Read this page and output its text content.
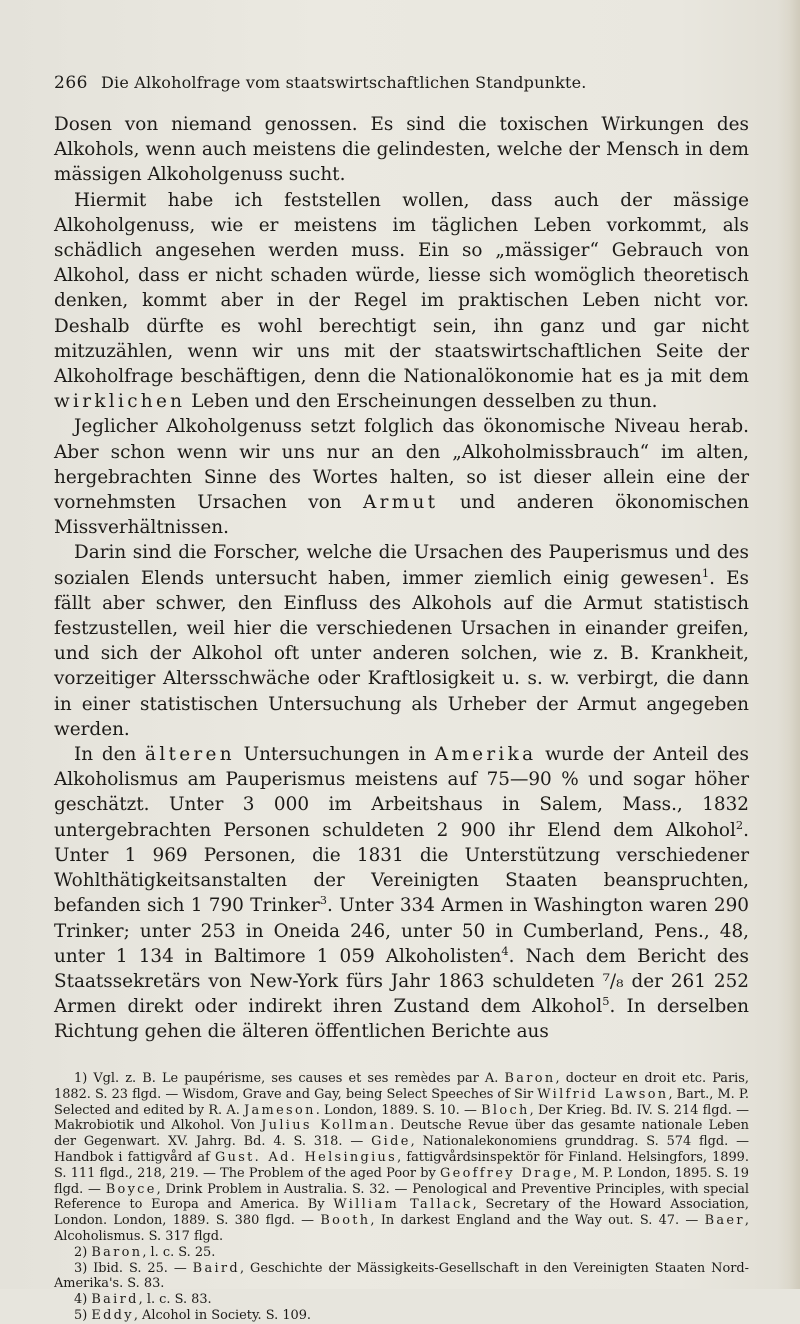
266 Die Alkoholfrage vom staatswirtschaftlichen Standpunkte.

Dosen von niemand genossen. Es sind die toxischen Wirkungen des Alkohols, wenn auch meistens die gelindesten, welche der Mensch in dem mässigen Alkoholgenuss sucht.

Hiermit habe ich feststellen wollen, dass auch der mässige Alkoholgenuss, wie er meistens im täglichen Leben vorkommt, als schädlich angesehen werden muss. Ein so „mässiger“ Gebrauch von Alkohol, dass er nicht schaden würde, liesse sich womöglich theoretisch denken, kommt aber in der Regel im praktischen Leben nicht vor. Deshalb dürfte es wohl berechtigt sein, ihn ganz und gar nicht mitzuzählen, wenn wir uns mit der staatswirtschaftlichen Seite der Alkoholfrage beschäftigen, denn die Nationalökonomie hat es ja mit dem wirklichen Leben und den Erscheinungen desselben zu thun.

Jeglicher Alkoholgenuss setzt folglich das ökonomische Niveau herab. Aber schon wenn wir uns nur an den „Alkoholmissbrauch“ im alten, hergebrachten Sinne des Wortes halten, so ist dieser allein eine der vornehmsten Ursachen von Armut und anderen ökonomischen Missverhältnissen.

Darin sind die Forscher, welche die Ursachen des Pauperismus und des sozialen Elends untersucht haben, immer ziemlich einig gewesen$^1$. Es fällt aber schwer, den Einfluss des Alkohols auf die Armut statistisch festzustellen, weil hier die verschiedenen Ursachen in einander greifen, und sich der Alkohol oft unter anderen solchen, wie z. B. Krankheit, vorzeitiger Altersschwäche oder Kraftlosigkeit u. s. w. verbirgt, die dann in einer statistischen Untersuchung als Urheber der Armut angegeben werden.

In den älteren Untersuchungen in Amerika wurde der Anteil des Alkoholismus am Pauperismus meistens auf 75—90 % und sogar höher geschätzt. Unter 3 000 im Arbeitshaus in Salem, Mass., 1832 untergebrachten Personen schuldeten 2 900 ihr Elend dem Alkohol$^2$. Unter 1 969 Personen, die 1831 die Unterstützung verschiedener Wohlthätigkeitsanstalten der Vereinigten Staaten beanspruchten, befanden sich 1 790 Trinker$^3$. Unter 334 Armen in Washington waren 290 Trinker; unter 253 in Oneida 246, unter 50 in Cumberland, Pens., 48, unter 1 134 in Baltimore 1 059 Alkoholisten$^4$. Nach dem Bericht des Staatssekretärs von New-York fürs Jahr 1863 schuldeten ⁷/₈ der 261 252 Armen direkt oder indirekt ihren Zustand dem Alkohol$^5$. In derselben Richtung gehen die älteren öffentlichen Berichte aus

1) Vgl. z. B. Le paupérisme, ses causes et ses remèdes par A. Baron, docteur en droit etc. Paris, 1882. S. 23 flgd. — Wisdom, Grave and Gay, being Select Speeches of Sir Wilfrid Lawson, Bart., M. P. Selected and edited by R. A. Jameson. London, 1889. S. 10. — Bloch, Der Krieg. Bd. IV. S. 214 flgd. — Makrobiotik und Alkohol. Von Julius Kollman. Deutsche Revue über das gesamte nationale Leben der Gegenwart. XV. Jahrg. Bd. 4. S. 318. — Gide, Nationalekonomiens grunddrag. S. 574 flgd. — Handbok i fattigvård af Gust. Ad. Helsingius, fattigvårdsinspektör för Finland. Helsingfors, 1899. S. 111 flgd., 218, 219. — The Problem of the aged Poor by Geoffrey Drage, M. P. London, 1895. S. 19 flgd. — Boyce, Drink Problem in Australia. S. 32. — Penological and Preventive Principles, with special Reference to Europa and America. By William Tallack, Secretary of the Howard Association, London. London, 1889. S. 380 flgd. — Booth, In darkest England and the Way out. S. 47. — Baer, Alcoholismus. S. 317 flgd.

2) Baron, l. c. S. 25.

3) Ibid. S. 25. — Baird, Geschichte der Mässigkeits-Gesellschaft in den Vereinigten Staaten Nord-Amerika's. S. 83.

4) Baird, l. c. S. 83.

5) Eddy, Alcohol in Society. S. 109.
